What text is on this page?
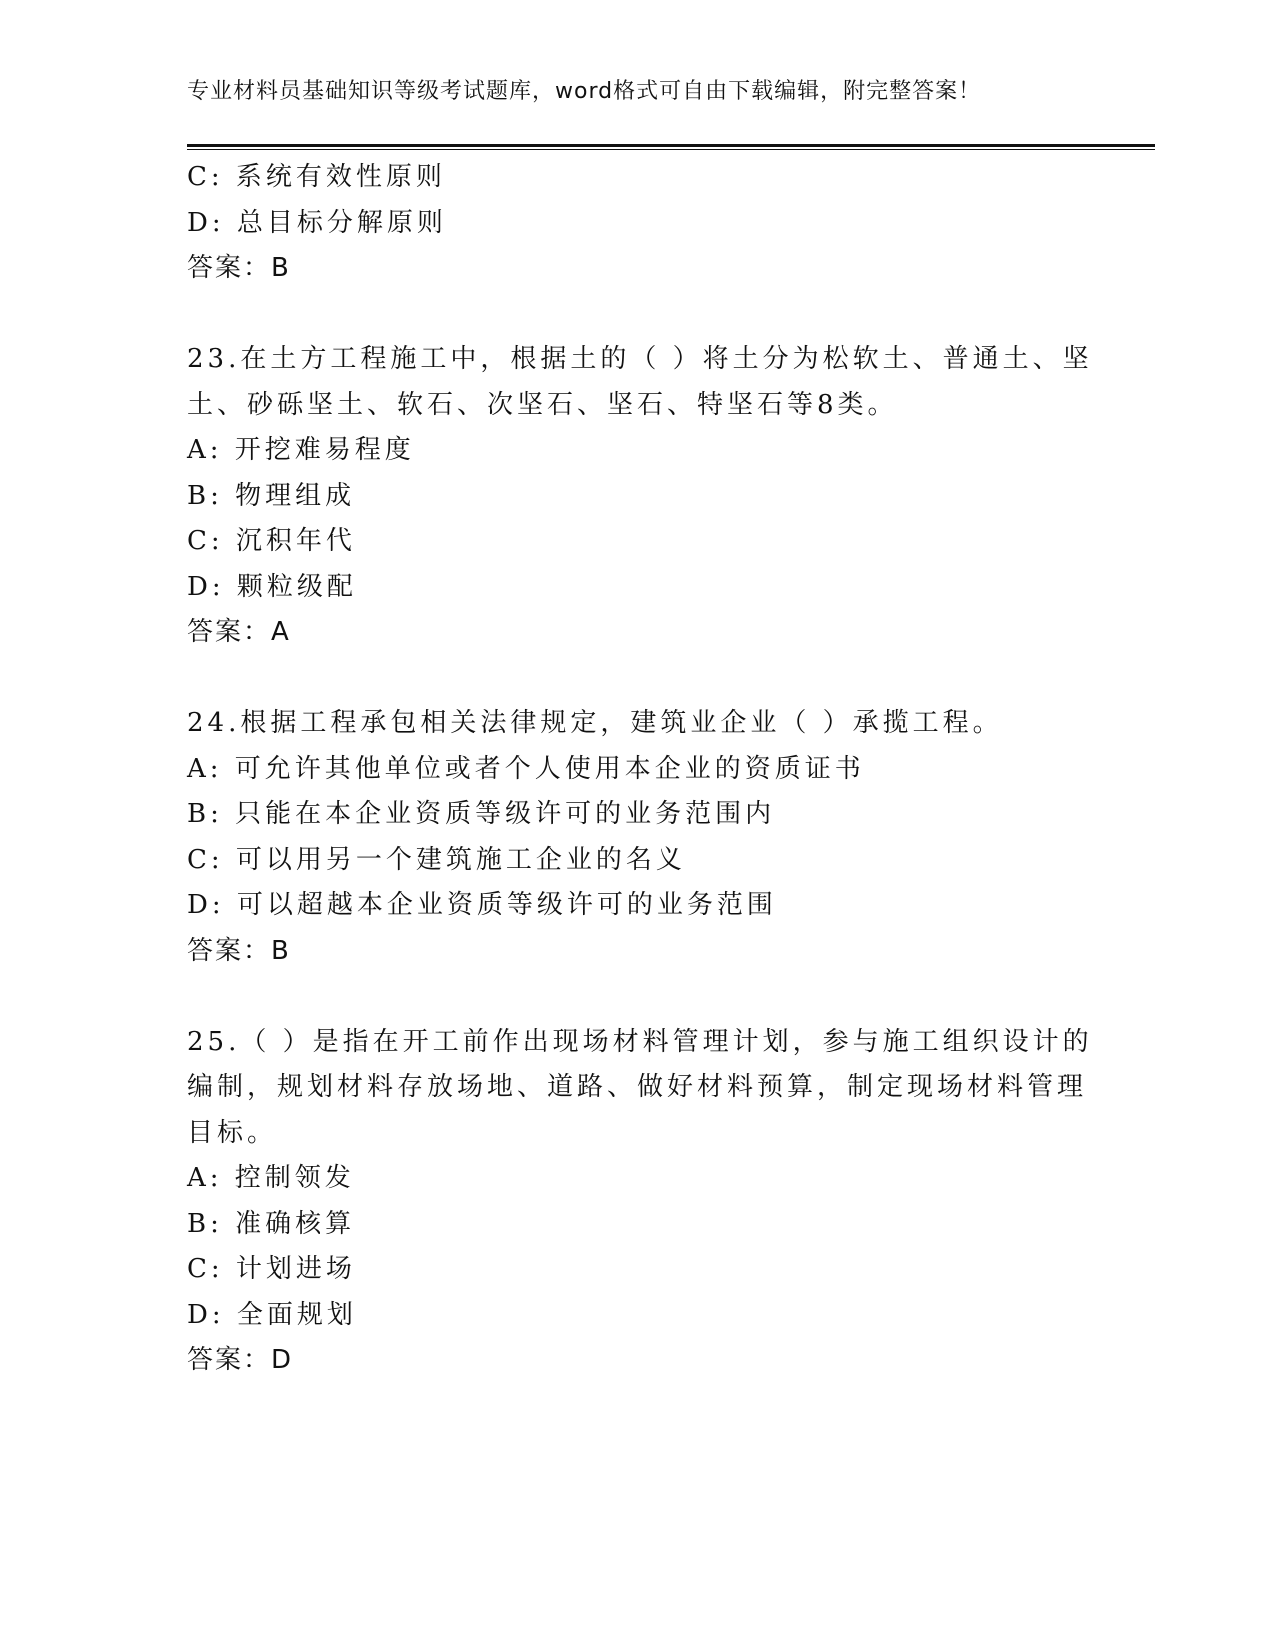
专业材料员基础知识等级考试题库，word格式可自由下载编辑，附完整答案！
C: 系统有效性原则
D: 总目标分解原则
答案：B
23.在土方工程施工中，根据土的（ ）将土分为松软土、普通土、坚
土、砂砾坚土、软石、次坚石、坚石、特坚石等8类。
A: 开挖难易程度
B: 物理组成
C: 沉积年代
D: 颗粒级配
答案：A
24.根据工程承包相关法律规定，建筑业企业（ ）承揽工程。
A: 可允许其他单位或者个人使用本企业的资质证书
B: 只能在本企业资质等级许可的业务范围内
C: 可以用另一个建筑施工企业的名义
D: 可以超越本企业资质等级许可的业务范围
答案：B
25.（ ）是指在开工前作出现场材料管理计划，参与施工组织设计的
编制，规划材料存放场地、道路、做好材料预算，制定现场材料管理
目标。
A: 控制领发
B: 准确核算
C: 计划进场
D: 全面规划
答案：D
